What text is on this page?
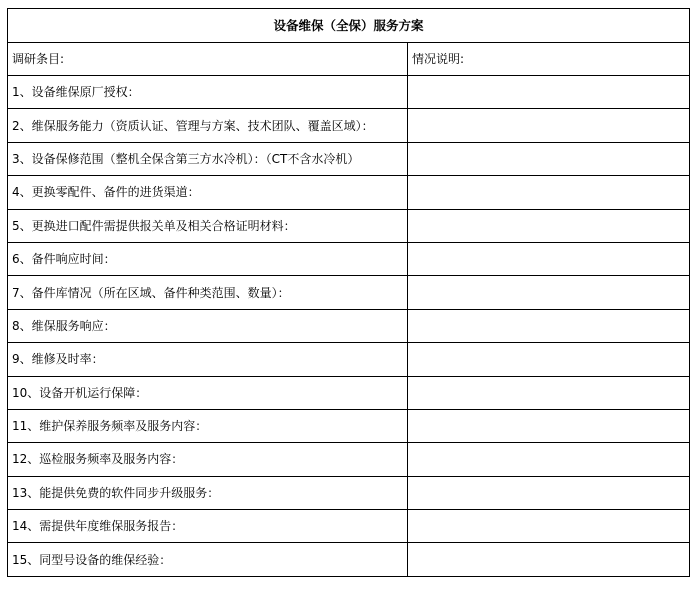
设备维保（全保）服务方案	
调研条目:	情况说明:
1、设备维保原厂授权：	
2、维保服务能力（资质认证、管理与方案、技术团队、覆盖区域）：	
3、设备保修范围（整机全保含第三方水冷机）：（CT不含水冷机）	
4、更换零配件、备件的进货渠道：	
5、更换进口配件需提供报关单及相关合格证明材料：	
6、备件响应时间：	
7、备件库情况（所在区域、备件种类范围、数量）：	
8、维保服务响应：	
9、维修及时率：	
10、设备开机运行保障：	
11、维护保养服务频率及服务内容：	
12、巡检服务频率及服务内容：	
13、能提供免费的软件同步升级服务：	
14、需提供年度维保服务报告：	
15、同型号设备的维保经验：	
